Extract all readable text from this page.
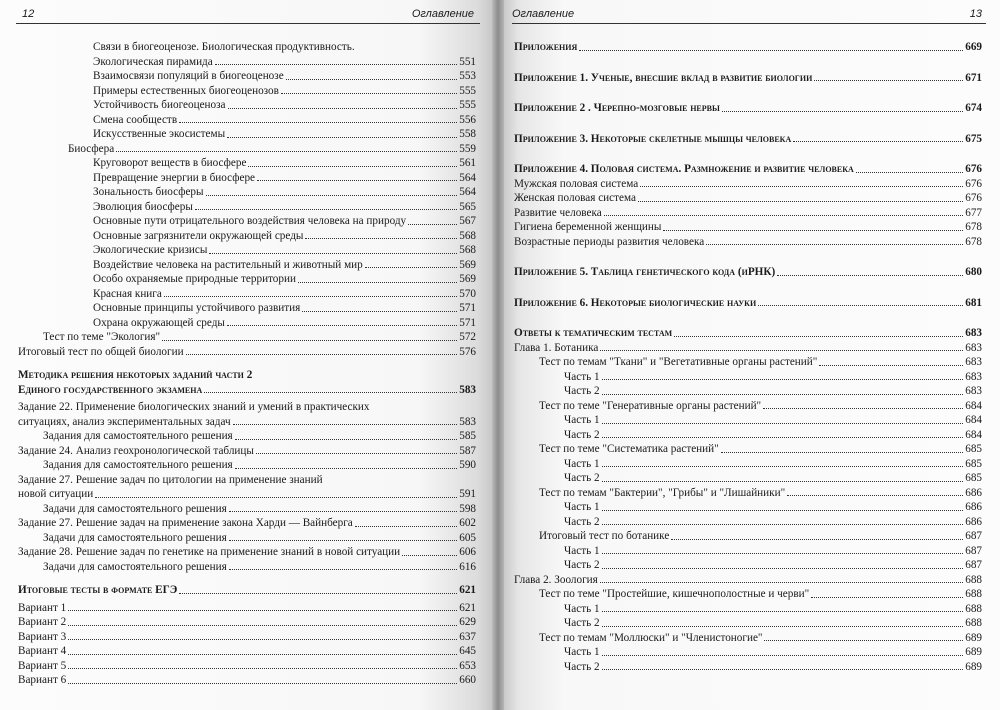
12	Оглавление
Связи в биогеоценозе. Биологическая продуктивность.
Экологическая пирамида	551
Взаимосвязи популяций в биогеоценозе	553
Примеры естественных биогеоценозов	555
Устойчивость биогеоценоза	555
Смена сообществ	556
Искусственные экосистемы	558
Биосфера	559
Круговорот веществ в биосфере	561
Превращение энергии в биосфере	564
Зональность биосферы	564
Эволюция биосферы	565
Основные пути отрицательного воздействия человека на природу	567
Основные загрязнители окружающей среды	568
Экологические кризисы	568
Воздействие человека на растительный и животный мир	569
Особо охраняемые природные территории	569
Красная книга	570
Основные принципы устойчивого развития	571
Охрана окружающей среды	571
Тест по теме "Экология"	572
Итоговый тест по общей биологии	576
Методика решения некоторых заданий части 2
Единого государственного экзамена	583
Задание 22. Применение биологических знаний и умений в практических
ситуациях, анализ экспериментальных задач	583
Задания для самостоятельного решения	585
Задание 24. Анализ геохронологической таблицы	587
Задания для самостоятельного решения	590
Задание 27. Решение задач по цитологии на применение знаний
новой ситуации	591
Задачи для самостоятельного решения	598
Задание 27. Решение задач на применение закона Харди — Вайнберга	602
Задачи для самостоятельного решения	605
Задание 28. Решение задач по генетике на применение знаний в новой ситуации	606
Задачи для самостоятельного решения	616
Итоговые тесты в формате ЕГЭ	621
Вариант 1	621
Вариант 2	629
Вариант 3	637
Вариант 4	645
Вариант 5	653
Вариант 6	660
Оглавление	13
Приложения	669
Приложение 1. Ученые, внесшие вклад в развитие биологии	671
Приложение 2 . Черепно-мозговые нервы	674
Приложение 3. Некоторые скелетные мышцы человека	675
Приложение 4. Половая система. Размножение и развитие человека	676
Мужская половая система	676
Женская половая система	676
Развитие человека	677
Гигиена беременной женщины	678
Возрастные периоды развития человека	678
Приложение 5. Таблица генетического кода (иРНК)	680
Приложение 6. Некоторые биологические науки	681
Ответы к тематическим тестам	683
Глава 1. Ботаника	683
Тест по темам "Ткани" и "Вегетативные органы растений"	683
Часть 1	683
Часть 2	683
Тест по теме "Генеративные органы растений"	684
Часть 1	684
Часть 2	684
Тест по теме "Систематика растений"	685
Часть 1	685
Часть 2	685
Тест по темам "Бактерии", "Грибы" и "Лишайники"	686
Часть 1	686
Часть 2	686
Итоговый тест по ботанике	687
Часть 1	687
Часть 2	687
Глава 2. Зоология	688
Тест по теме "Простейшие, кишечнополостные и черви"	688
Часть 1	688
Часть 2	688
Тест по темам "Моллюски" и "Членистоногие"	689
Часть 1	689
Часть 2	689
